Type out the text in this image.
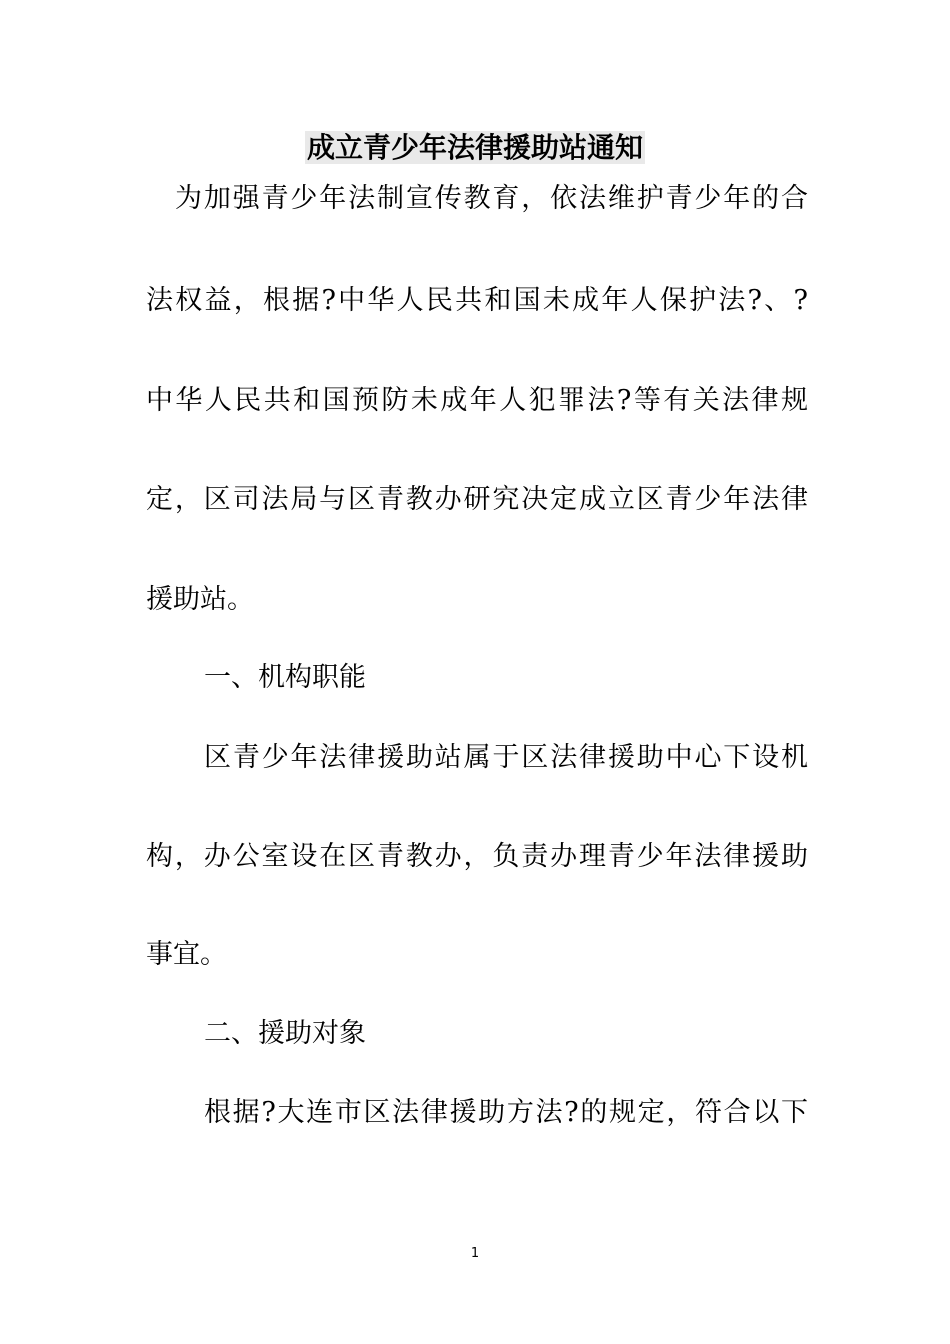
成立青少年法律援助站通知
为加强青少年法制宣传教育，依法维护青少年的合
法权益，根据?中华人民共和国未成年人保护法?、?
中华人民共和国预防未成年人犯罪法?等有关法律规
定，区司法局与区青教办研究决定成立区青少年法律
援助站。
一、机构职能
区青少年法律援助站属于区法律援助中心下设机
构，办公室设在区青教办，负责办理青少年法律援助
事宜。
二、援助对象
根据?大连市区法律援助方法?的规定，符合以下
1
